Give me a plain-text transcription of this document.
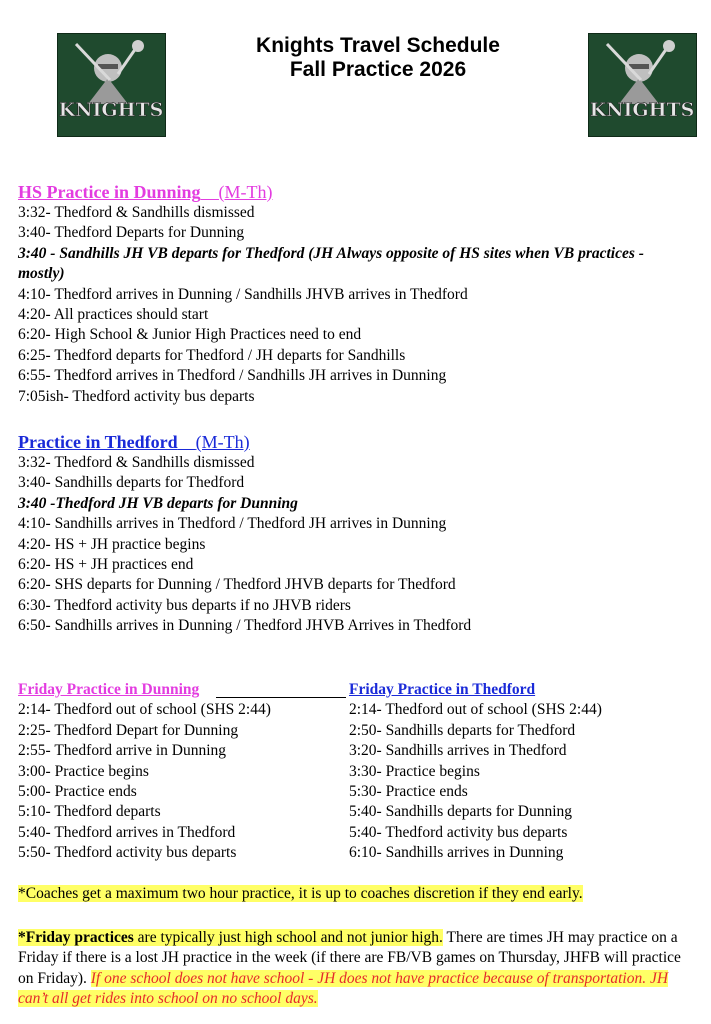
KNIGHTS	KNIGHTS
Knights Travel Schedule
Fall Practice 2026
HS Practice in Dunning (M-Th)
3:32- Thedford & Sandhills dismissed
3:40- Thedford Departs for Dunning
3:40 - Sandhills JH VB departs for Thedford (JH Always opposite of HS sites when VB practices - mostly)
4:10- Thedford arrives in Dunning / Sandhills JHVB arrives in Thedford
4:20- All practices should start
6:20- High School & Junior High Practices need to end
6:25- Thedford departs for Thedford / JH departs for Sandhills
6:55- Thedford arrives in Thedford / Sandhills JH arrives in Dunning
7:05ish- Thedford activity bus departs
Practice in Thedford (M-Th)
3:32- Thedford & Sandhills dismissed
3:40- Sandhills departs for Thedford
3:40 -Thedford JH VB departs for Dunning
4:10- Sandhills arrives in Thedford / Thedford JH arrives in Dunning
4:20- HS + JH practice begins
6:20- HS + JH practices end
6:20- SHS departs for Dunning / Thedford JHVB departs for Thedford
6:30- Thedford activity bus departs if no JHVB riders
6:50- Sandhills arrives in Dunning / Thedford JHVB Arrives in Thedford
Friday Practice in Dunning
2:14- Thedford out of school (SHS 2:44)
2:25- Thedford Depart for Dunning
2:55- Thedford arrive in Dunning
3:00- Practice begins
5:00- Practice ends
5:10- Thedford departs
5:40- Thedford arrives in Thedford
5:50- Thedford activity bus departs
Friday Practice in Thedford
2:14- Thedford out of school (SHS 2:44)
2:50- Sandhills departs for Thedford
3:20- Sandhills arrives in Thedford
3:30- Practice begins
5:30- Practice ends
5:40- Sandhills departs for Dunning
5:40- Thedford activity bus departs
6:10- Sandhills arrives in Dunning
*Coaches get a maximum two hour practice, it is up to coaches discretion if they end early.
*Friday practices are typically just high school and not junior high. There are times JH may practice on a Friday if there is a lost JH practice in the week (if there are FB/VB games on Thursday, JHFB will practice on Friday). If one school does not have school - JH does not have practice because of transportation. JH can’t all get rides into school on no school days.
